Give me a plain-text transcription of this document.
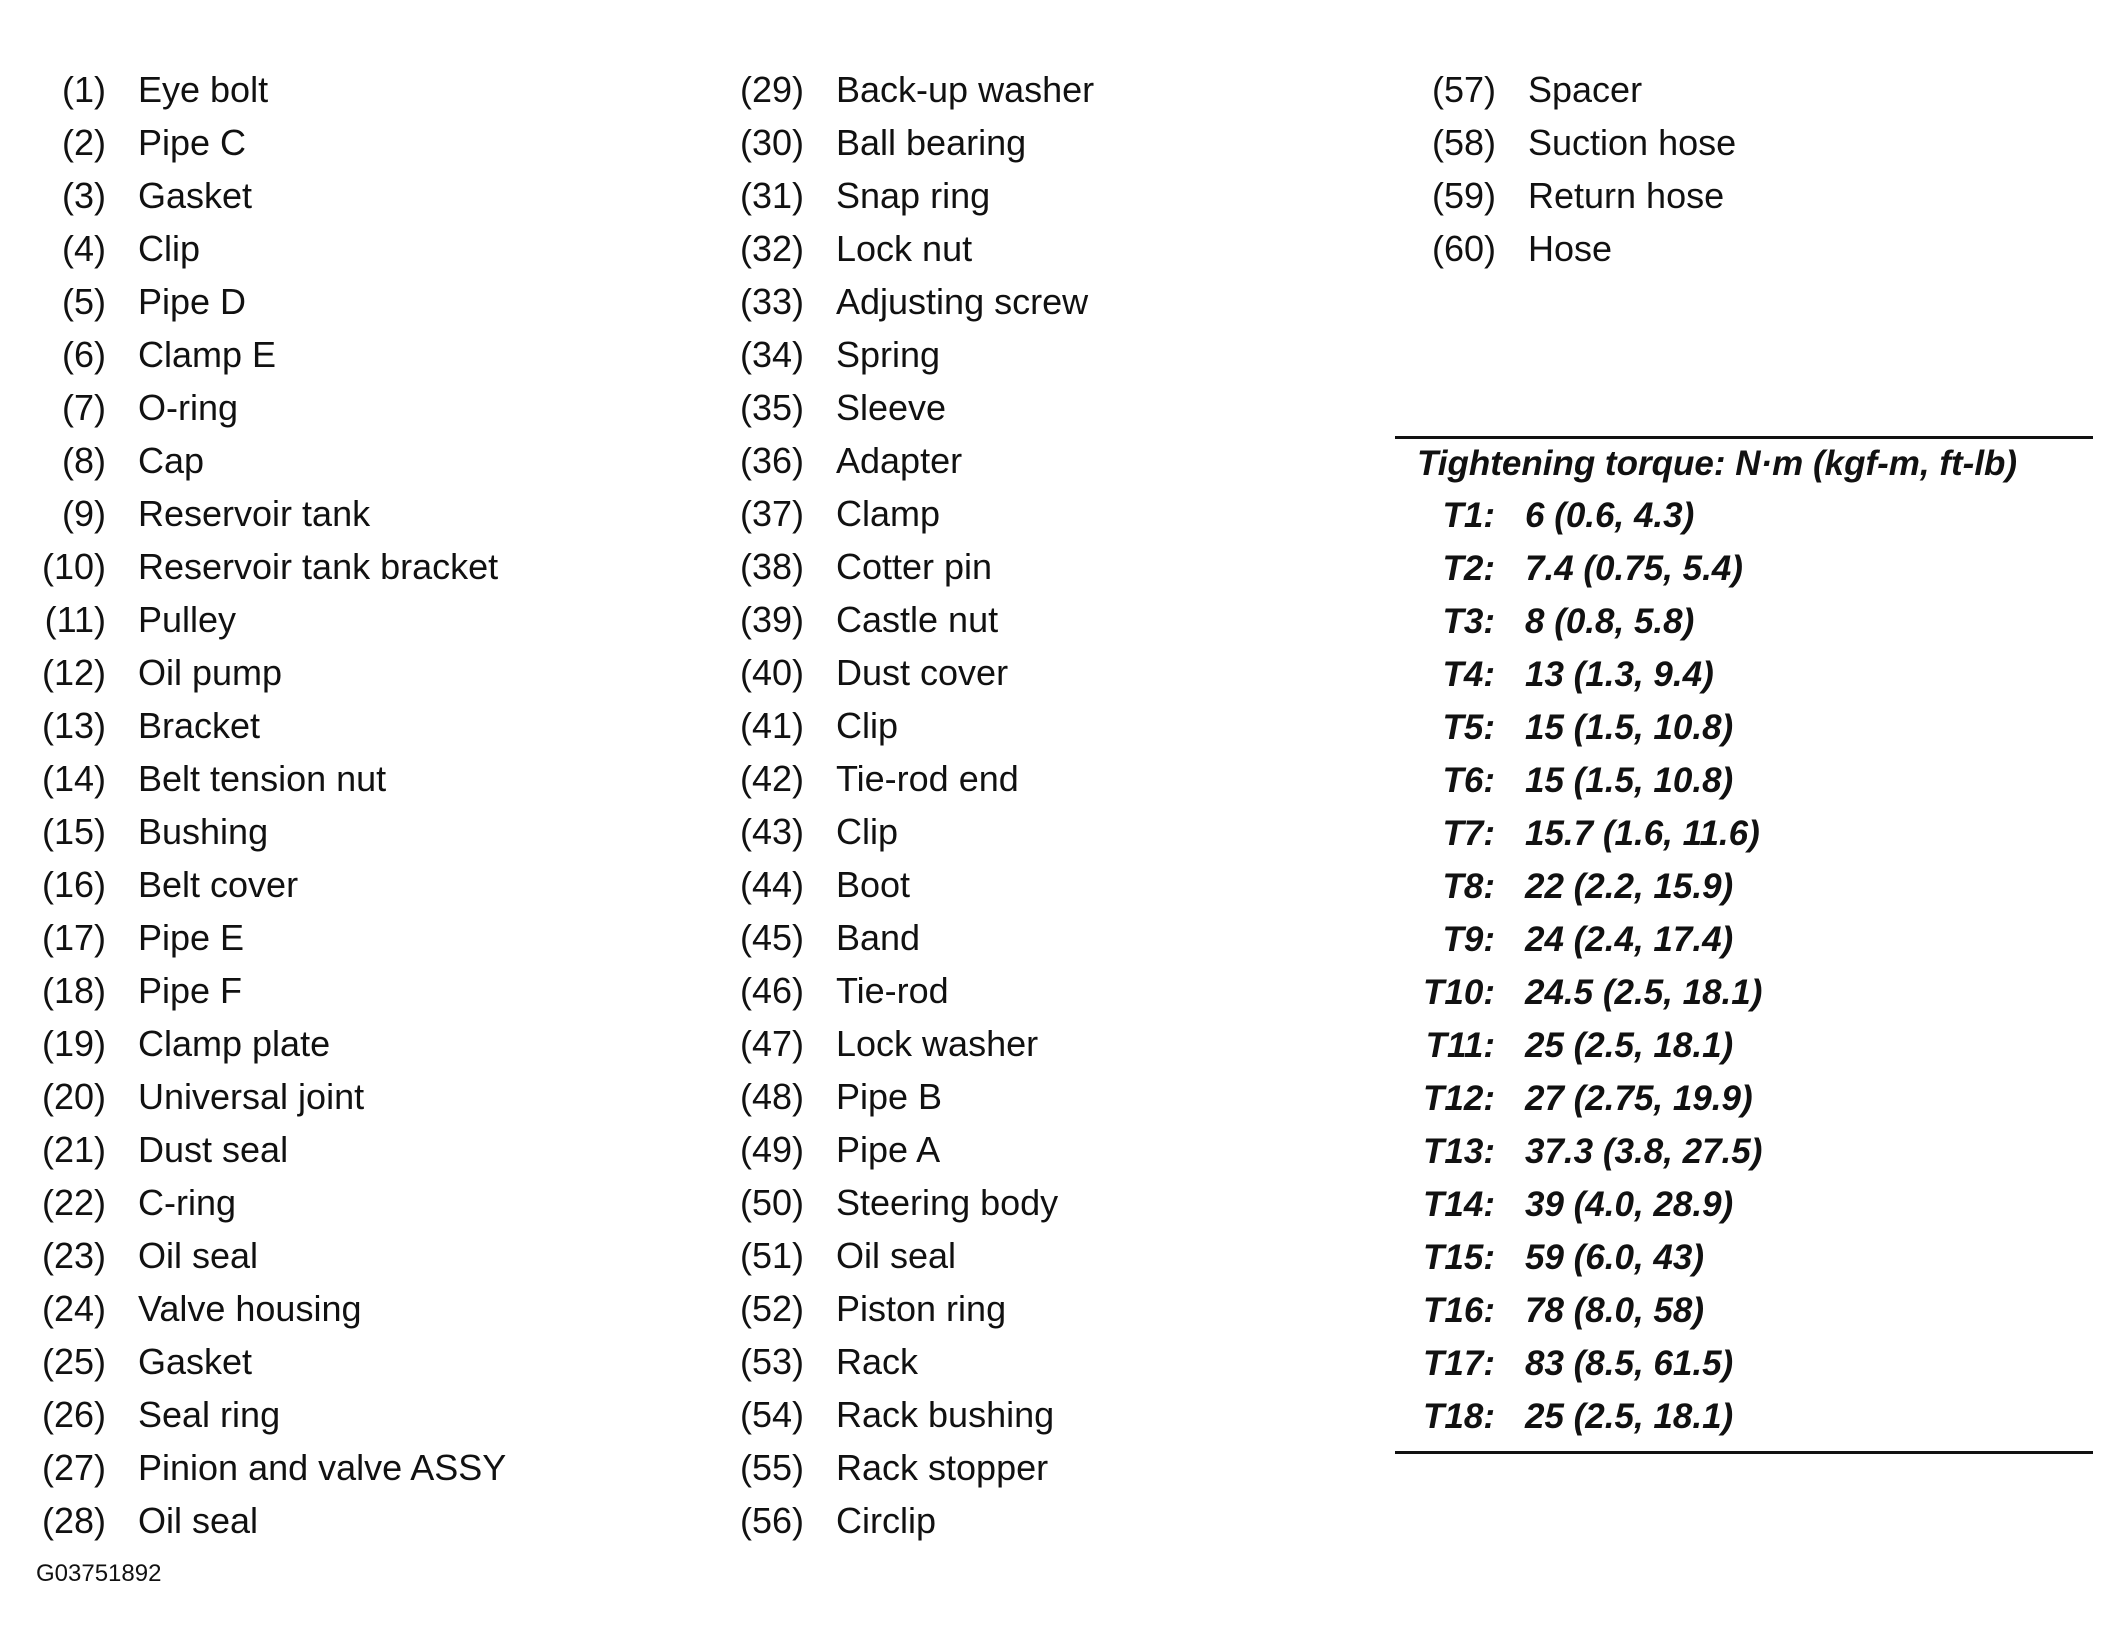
(1) Eye bolt
(2) Pipe C
(3) Gasket
(4) Clip
(5) Pipe D
(6) Clamp E
(7) O-ring
(8) Cap
(9) Reservoir tank
(10) Reservoir tank bracket
(11) Pulley
(12) Oil pump
(13) Bracket
(14) Belt tension nut
(15) Bushing
(16) Belt cover
(17) Pipe E
(18) Pipe F
(19) Clamp plate
(20) Universal joint
(21) Dust seal
(22) C-ring
(23) Oil seal
(24) Valve housing
(25) Gasket
(26) Seal ring
(27) Pinion and valve ASSY
(28) Oil seal
(29) Back-up washer
(30) Ball bearing
(31) Snap ring
(32) Lock nut
(33) Adjusting screw
(34) Spring
(35) Sleeve
(36) Adapter
(37) Clamp
(38) Cotter pin
(39) Castle nut
(40) Dust cover
(41) Clip
(42) Tie-rod end
(43) Clip
(44) Boot
(45) Band
(46) Tie-rod
(47) Lock washer
(48) Pipe B
(49) Pipe A
(50) Steering body
(51) Oil seal
(52) Piston ring
(53) Rack
(54) Rack bushing
(55) Rack stopper
(56) Circlip
(57) Spacer
(58) Suction hose
(59) Return hose
(60) Hose
Tightening torque: N·m (kgf-m, ft-lb)
T1: 6 (0.6, 4.3)
T2: 7.4 (0.75, 5.4)
T3: 8 (0.8, 5.8)
T4: 13 (1.3, 9.4)
T5: 15 (1.5, 10.8)
T6: 15 (1.5, 10.8)
T7: 15.7 (1.6, 11.6)
T8: 22 (2.2, 15.9)
T9: 24 (2.4, 17.4)
T10: 24.5 (2.5, 18.1)
T11: 25 (2.5, 18.1)
T12: 27 (2.75, 19.9)
T13: 37.3 (3.8, 27.5)
T14: 39 (4.0, 28.9)
T15: 59 (6.0, 43)
T16: 78 (8.0, 58)
T17: 83 (8.5, 61.5)
T18: 25 (2.5, 18.1)
G03751892
